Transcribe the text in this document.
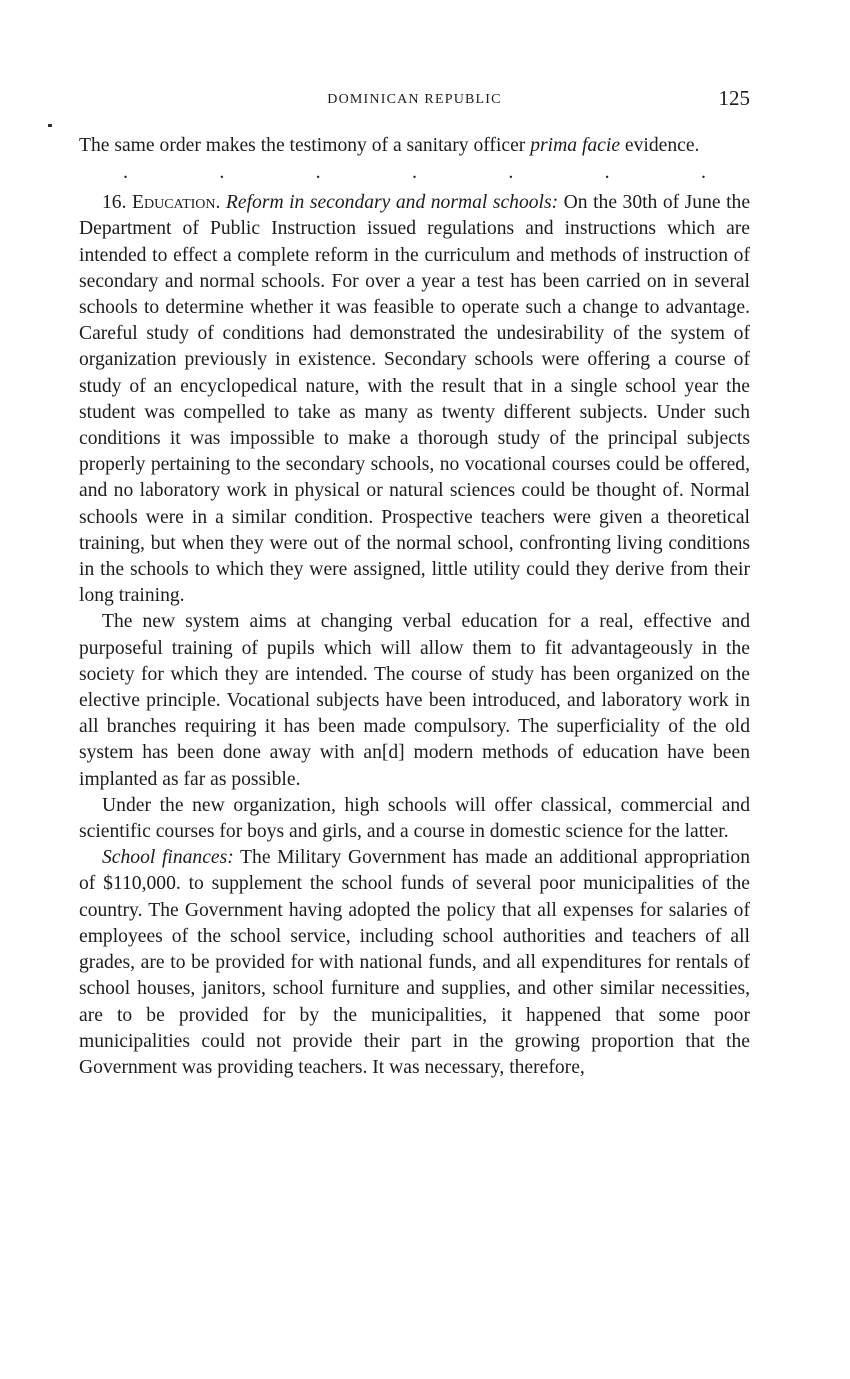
DOMINICAN REPUBLIC	125

The same order makes the testimony of a sanitary officer prima facie evidence.

.	.	.	.	.	.	.

16. Education. Reform in secondary and normal schools: On the 30th of June the Department of Public Instruction issued regulations and instructions which are intended to effect a complete reform in the curriculum and methods of instruction of secondary and normal schools. For over a year a test has been carried on in several schools to determine whether it was feasible to operate such a change to advantage. Careful study of conditions had demonstrated the undesirability of the system of organization previously in existence. Secondary schools were offering a course of study of an encyclopedical nature, with the result that in a single school year the student was compelled to take as many as twenty different subjects. Under such conditions it was impossible to make a thorough study of the principal subjects properly pertaining to the secondary schools, no vocational courses could be offered, and no laboratory work in physical or natural sciences could be thought of. Normal schools were in a similar condition. Prospective teachers were given a theoretical training, but when they were out of the normal school, confronting living conditions in the schools to which they were assigned, little utility could they derive from their long training.

The new system aims at changing verbal education for a real, effective and purposeful training of pupils which will allow them to fit advantageously in the society for which they are intended. The course of study has been organized on the elective principle. Vocational subjects have been introduced, and laboratory work in all branches requiring it has been made compulsory. The superficiality of the old system has been done away with an[d] modern methods of education have been implanted as far as possible.

Under the new organization, high schools will offer classical, commercial and scientific courses for boys and girls, and a course in domestic science for the latter.

School finances: The Military Government has made an additional appropriation of $110,000. to supplement the school funds of several poor municipalities of the country. The Government having adopted the policy that all expenses for salaries of employees of the school service, including school authorities and teachers of all grades, are to be provided for with national funds, and all expenditures for rentals of school houses, janitors, school furniture and supplies, and other similar necessities, are to be provided for by the municipalities, it happened that some poor municipalities could not provide their part in the growing proportion that the Government was providing teachers. It was necessary, therefore,
